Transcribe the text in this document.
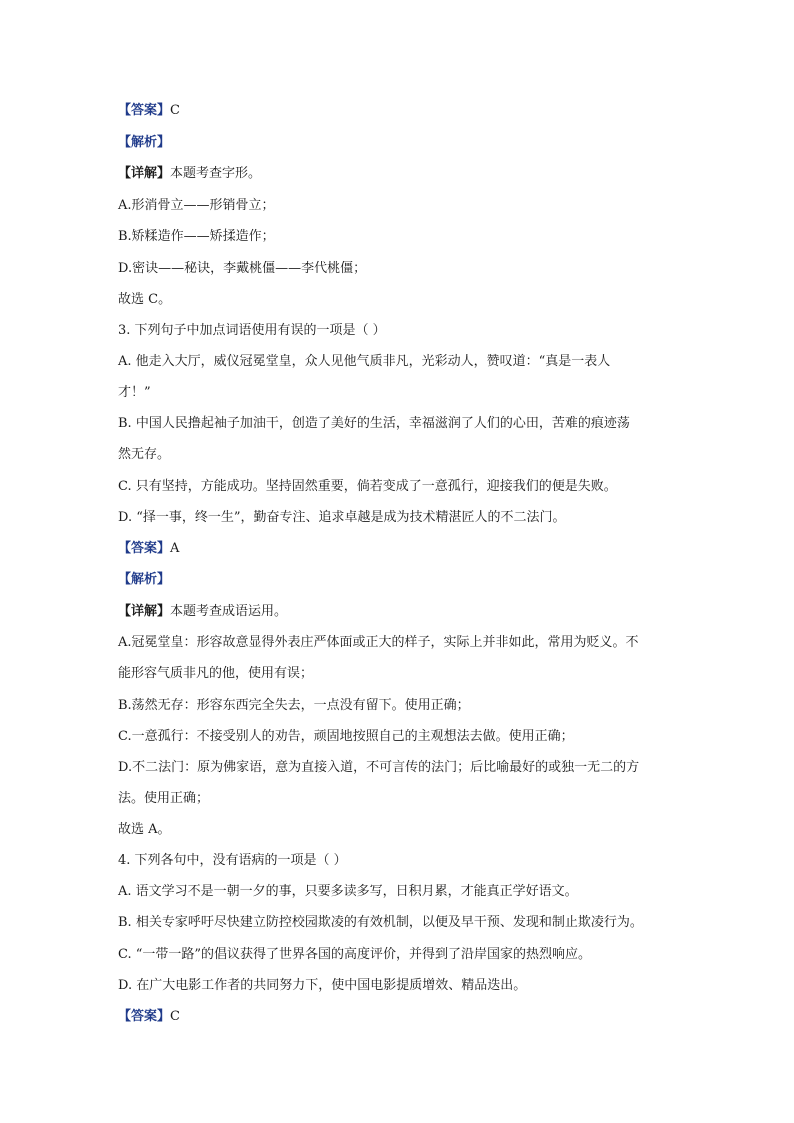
【答案】C
【解析】
【详解】本题考查字形。
A.形消骨立——形销骨立；
B.矫糅造作——矫揉造作；
D.密诀——秘诀，李戴桃僵——李代桃僵；
故选 C。
3. 下列句子中加点词语使用有误的一项是（ ）
A. 他走入大厅，威仪冠冕堂皇，众人见他气质非凡，光彩动人，赞叹道：“真是一表人
才！”
B. 中国人民撸起袖子加油干，创造了美好的生活，幸福滋润了人们的心田，苦难的痕迹荡
然无存。
C. 只有坚持，方能成功。坚持固然重要，倘若变成了一意孤行，迎接我们的便是失败。
D. “择一事，终一生”，勤奋专注、追求卓越是成为技术精湛匠人的不二法门。
【答案】A
【解析】
【详解】本题考查成语运用。
A.冠冕堂皇：形容故意显得外表庄严体面或正大的样子，实际上并非如此，常用为贬义。不
能形容气质非凡的他，使用有误；
B.荡然无存：形容东西完全失去，一点没有留下。使用正确；
C.一意孤行：不接受别人的劝告，顽固地按照自己的主观想法去做。使用正确；
D.不二法门：原为佛家语，意为直接入道，不可言传的法门；后比喻最好的或独一无二的方
法。使用正确；
故选 A。
4. 下列各句中，没有语病的一项是（ ）
A. 语文学习不是一朝一夕的事，只要多读多写，日积月累，才能真正学好语文。
B. 相关专家呼吁尽快建立防控校园欺凌的有效机制，以便及早干预、发现和制止欺凌行为。
C. “一带一路”的倡议获得了世界各国的高度评价，并得到了沿岸国家的热烈响应。
D. 在广大电影工作者的共同努力下，使中国电影提质增效、精品迭出。
【答案】C
